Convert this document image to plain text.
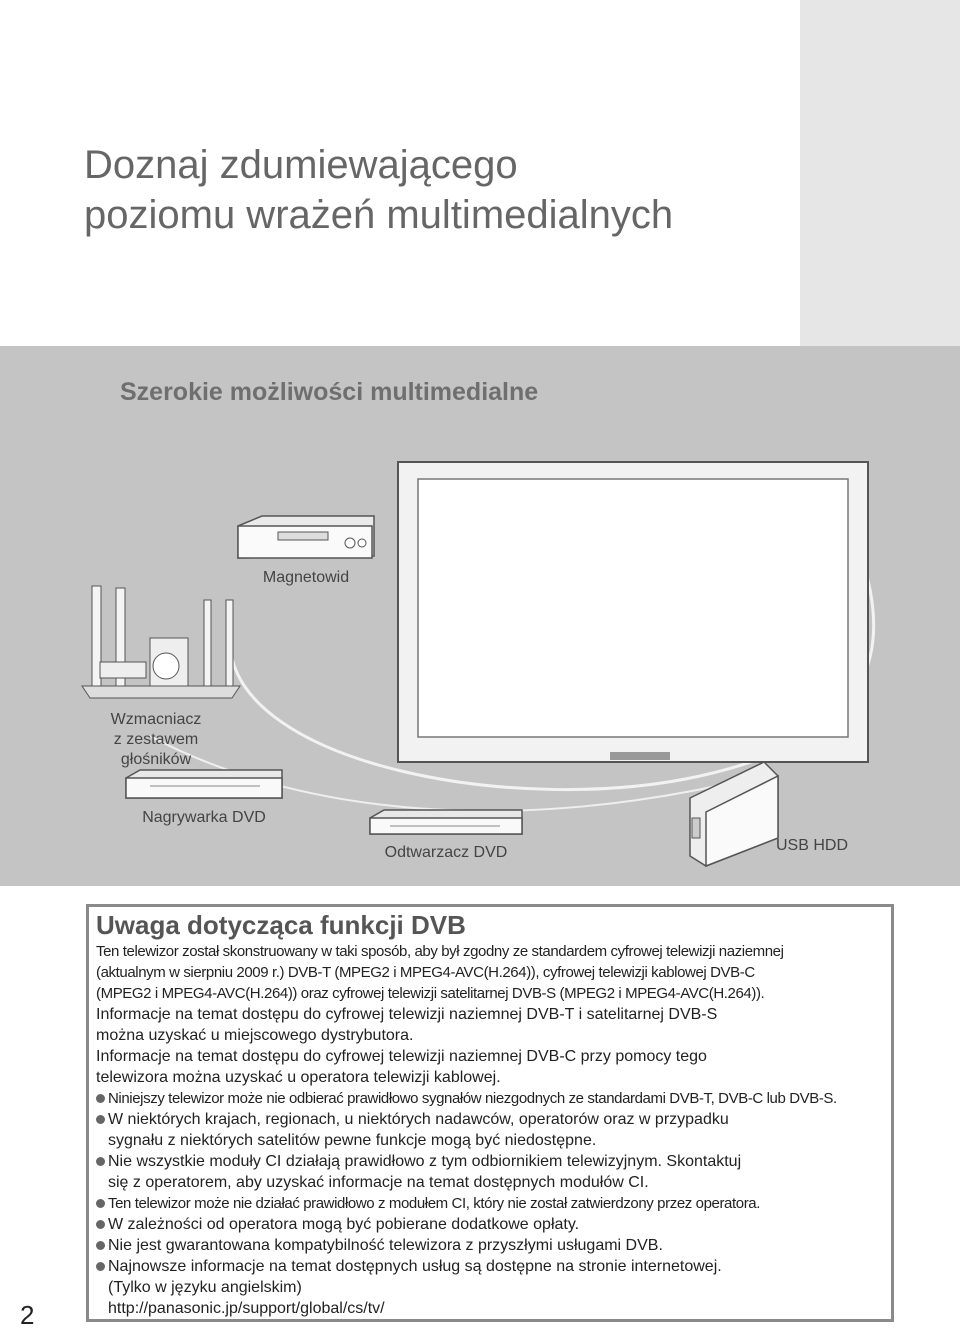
Doznaj zdumiewającego
poziomu wrażeń multimedialnych
Szerokie możliwości multimedialne
Magnetowid
Wzmacniacz
z zestawem
głośników
Nagrywarka DVD
Odtwarzacz DVD	USB HDD
Uwaga dotycząca funkcji DVB

Ten telewizor został skonstruowany w taki sposób, aby był zgodny ze standardem cyfrowej telewizji naziemnej

(aktualnym w sierpniu 2009 r.) DVB-T (MPEG2 i MPEG4-AVC(H.264)), cyfrowej telewizji kablowej DVB-C

(MPEG2 i MPEG4-AVC(H.264)) oraz cyfrowej telewizji satelitarnej DVB-S (MPEG2 i MPEG4-AVC(H.264)).

Informacje na temat dostępu do cyfrowej telewizji naziemnej DVB-T i satelitarnej DVB-S

można uzyskać u miejscowego dystrybutora.

Informacje na temat dostępu do cyfrowej telewizji naziemnej DVB-C przy pomocy tego

telewizora można uzyskać u operatora telewizji kablowej.

Niniejszy telewizor może nie odbierać prawidłowo sygnałów niezgodnych ze standardami DVB-T, DVB-C lub DVB-S.
W niektórych krajach, regionach, u niektórych nadawców, operatorów oraz w przypadku
sygnału z niektórych satelitów pewne funkcje mogą być niedostępne.
Nie wszystkie moduły CI działają prawidłowo z tym odbiornikiem telewizyjnym. Skontaktuj
się z operatorem, aby uzyskać informacje na temat dostępnych modułów CI.
Ten telewizor może nie działać prawidłowo z modułem CI, który nie został zatwierdzony przez operatora.
W zależności od operatora mogą być pobierane dodatkowe opłaty.
Nie jest gwarantowana kompatybilność telewizora z przyszłymi usługami DVB.
Najnowsze informacje na temat dostępnych usług są dostępne na stronie internetowej.
(Tylko w języku angielskim)
http://panasonic.jp/support/global/cs/tv/
2
